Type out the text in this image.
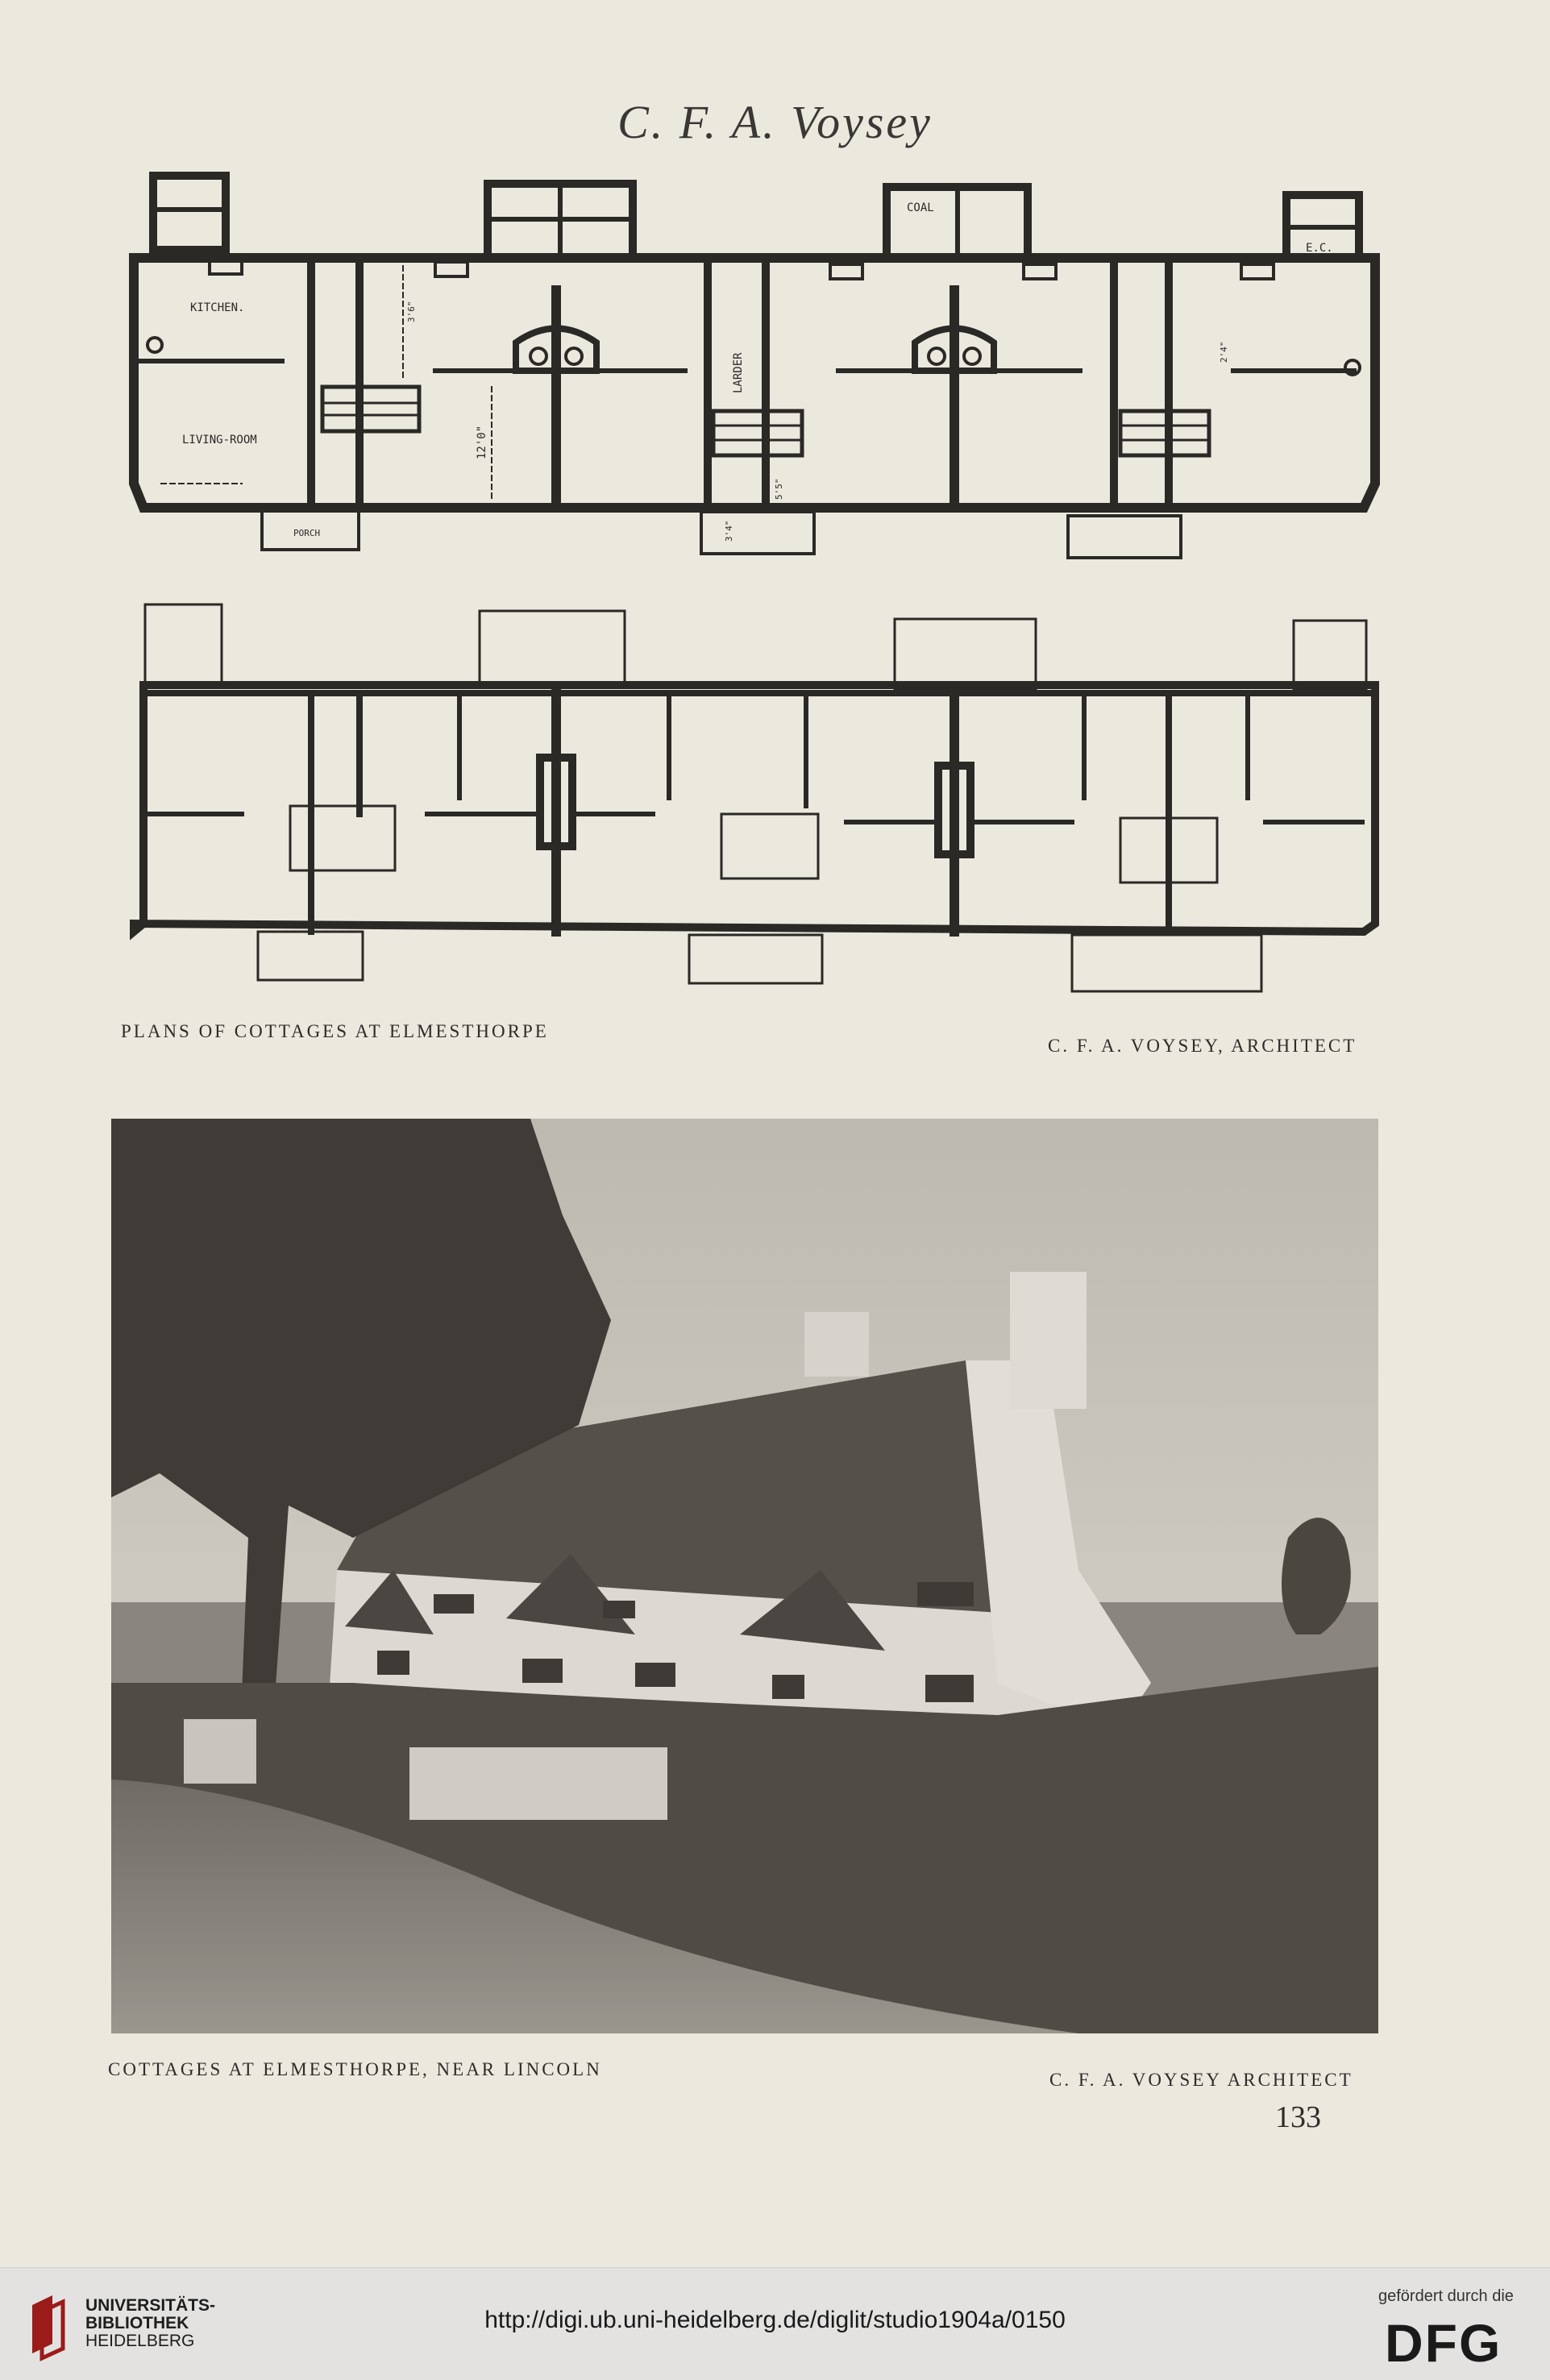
C. F. A. Voysey
KITCHEN.
LIVING-ROOM
LARDER
COAL
E.C.
PORCH
12'0"
3'6"
5'5"
3'4"
2'4"
PLANS OF COTTAGES AT ELMESTHORPE
C. F. A. VOYSEY, ARCHITECT
COTTAGES AT ELMESTHORPE, NEAR LINCOLN
C. F. A. VOYSEY ARCHITECT
133
UNIVERSITÄTS-
BIBLIOTHEK
HEIDELBERG
http://digi.ub.uni-heidelberg.de/diglit/studio1904a/0150
gefördert durch die
DFG
